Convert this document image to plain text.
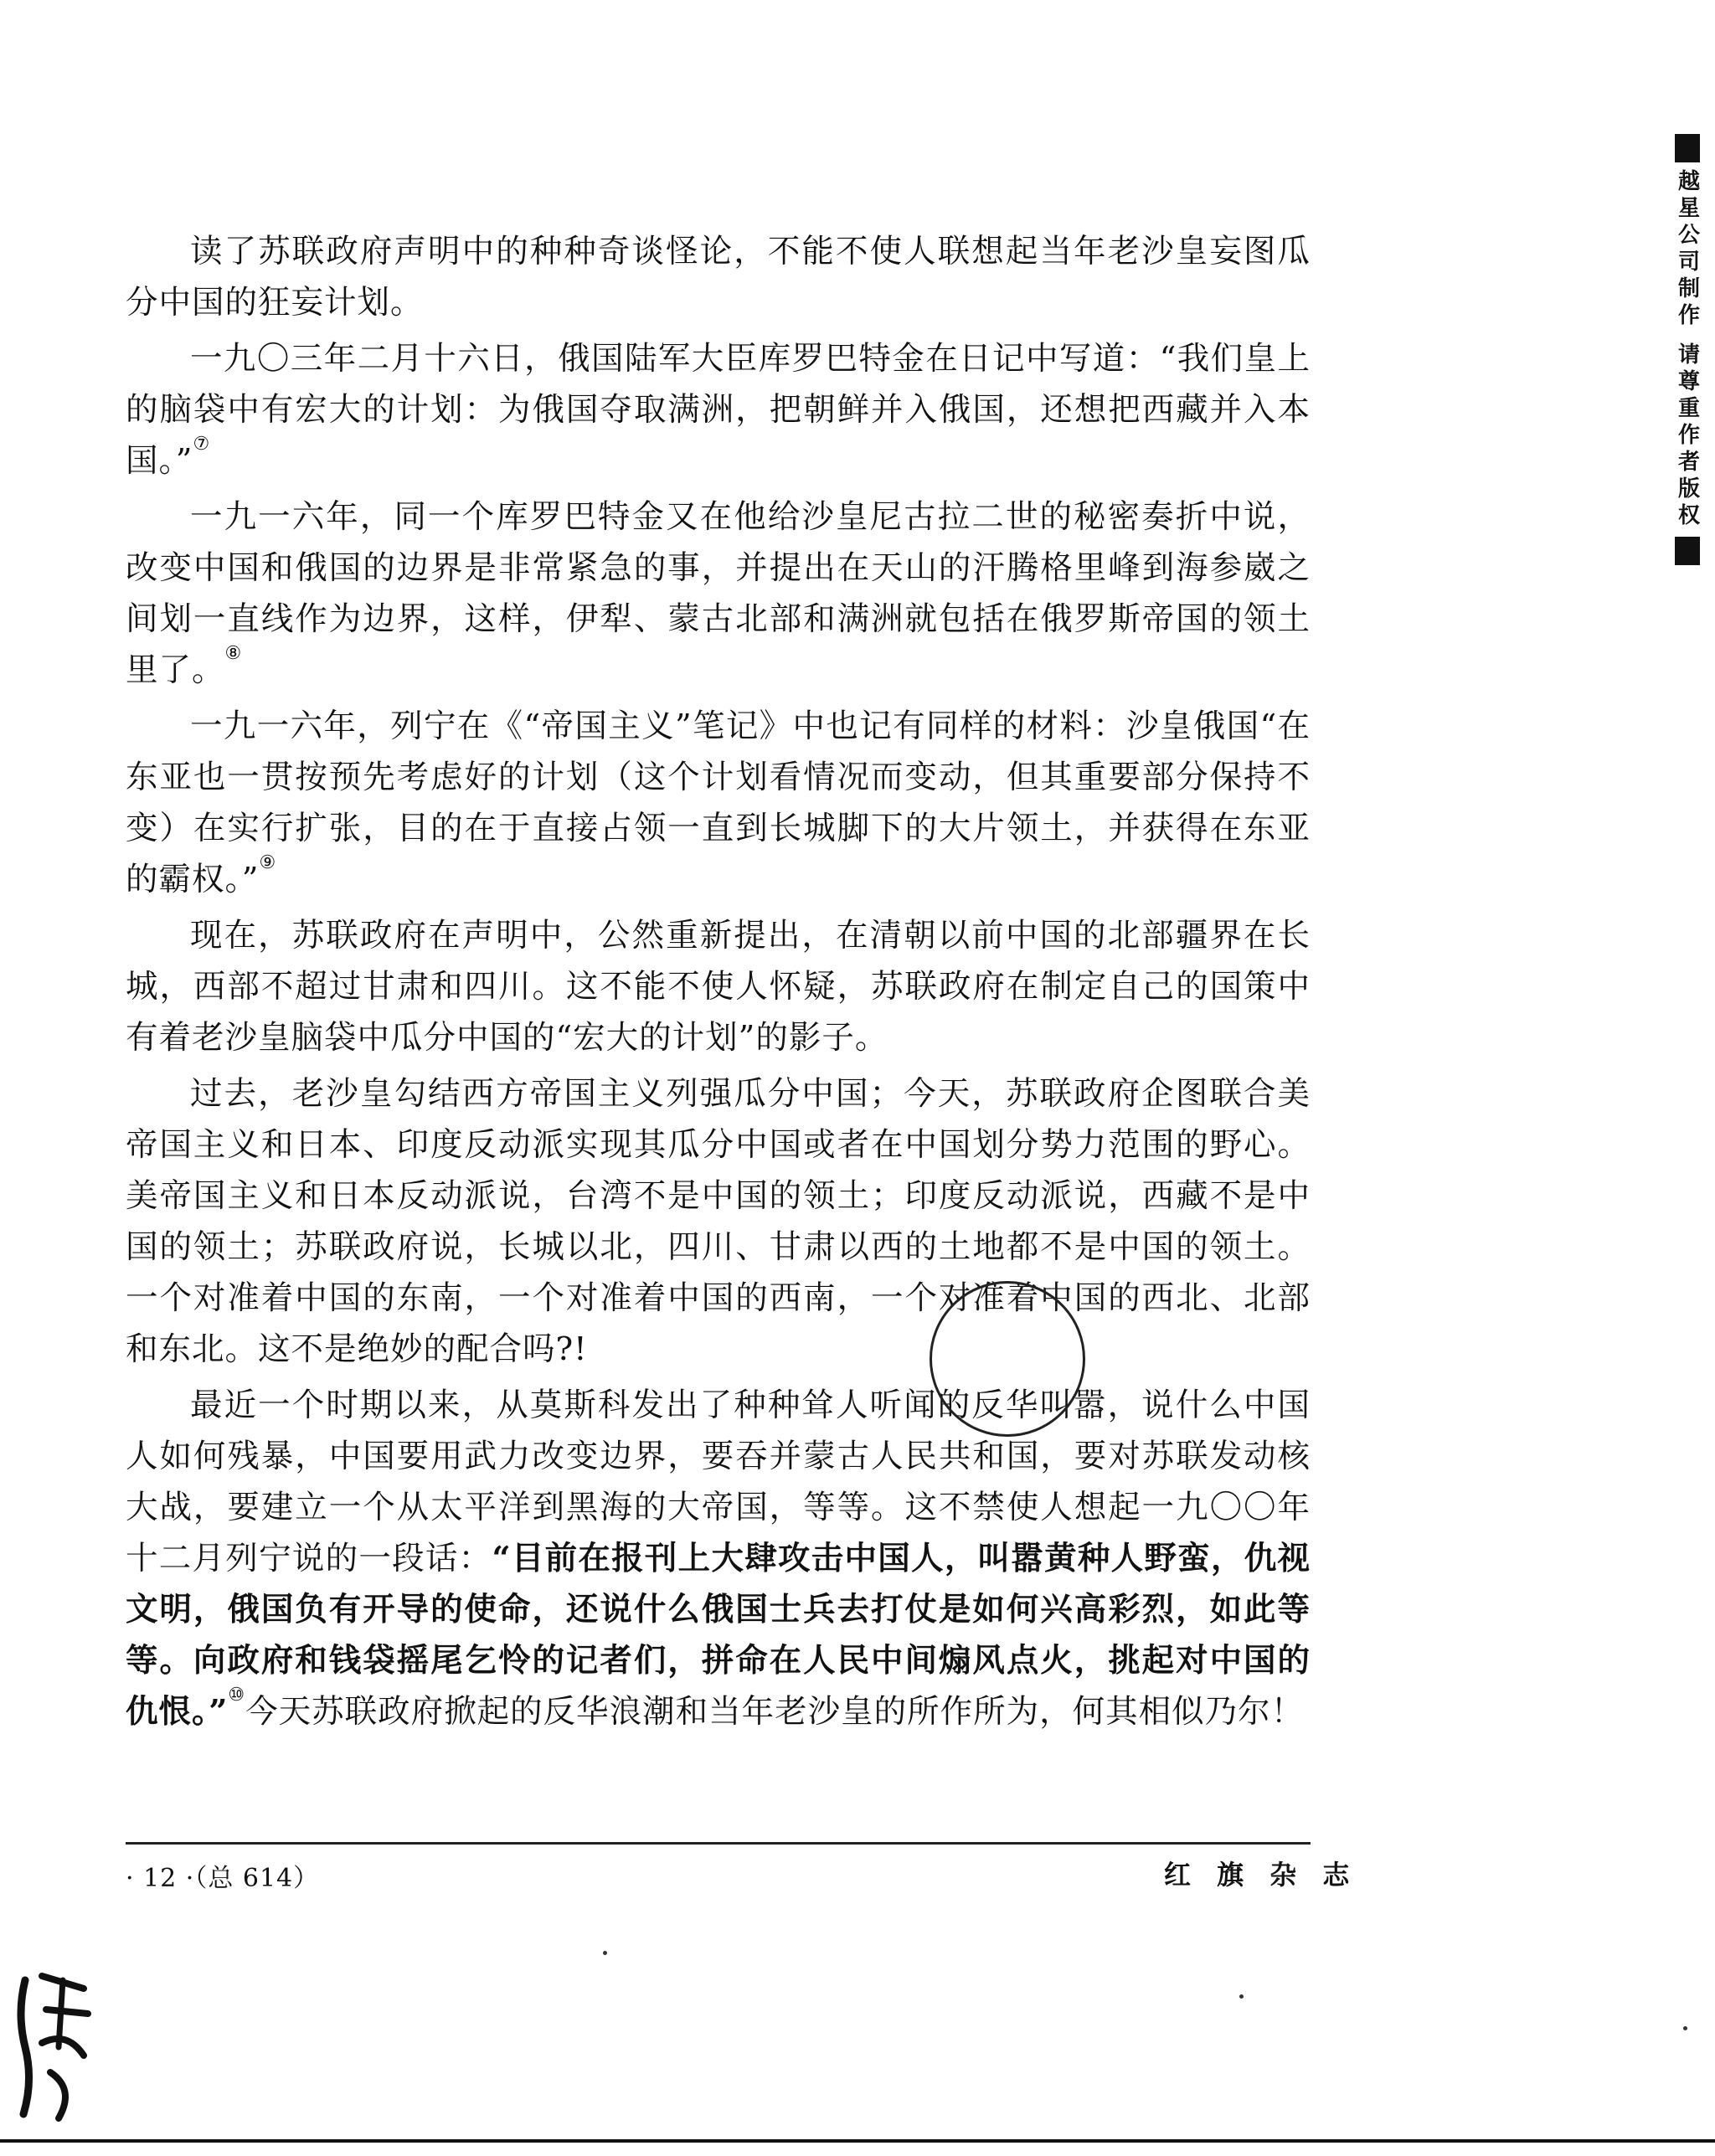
越星公司制作 请尊重作者版权

读了苏联政府声明中的种种奇谈怪论，不能不使人联想起当年老沙皇妄图瓜分中国的狂妄计划。

一九〇三年二月十六日，俄国陆军大臣库罗巴特金在日记中写道：“我们皇上的脑袋中有宏大的计划：为俄国夺取满洲，把朝鲜并入俄国，还想把西藏并入本国。”⑦

一九一六年，同一个库罗巴特金又在他给沙皇尼古拉二世的秘密奏折中说，改变中国和俄国的边界是非常紧急的事，并提出在天山的汗腾格里峰到海参崴之间划一直线作为边界，这样，伊犁、蒙古北部和满洲就包括在俄罗斯帝国的领土里了。⑧

一九一六年，列宁在《“帝国主义”笔记》中也记有同样的材料：沙皇俄国“在东亚也一贯按预先考虑好的计划（这个计划看情况而变动，但其重要部分保持不变）在实行扩张，目的在于直接占领一直到长城脚下的大片领土，并获得在东亚的霸权。”⑨

现在，苏联政府在声明中，公然重新提出，在清朝以前中国的北部疆界在长城，西部不超过甘肃和四川。这不能不使人怀疑，苏联政府在制定自己的国策中有着老沙皇脑袋中瓜分中国的“宏大的计划”的影子。

过去，老沙皇勾结西方帝国主义列强瓜分中国；今天，苏联政府企图联合美帝国主义和日本、印度反动派实现其瓜分中国或者在中国划分势力范围的野心。美帝国主义和日本反动派说，台湾不是中国的领土；印度反动派说，西藏不是中国的领土；苏联政府说，长城以北，四川、甘肃以西的土地都不是中国的领土。一个对准着中国的东南，一个对准着中国的西南，一个对准着中国的西北、北部和东北。这不是绝妙的配合吗?!

最近一个时期以来，从莫斯科发出了种种耸人听闻的反华叫嚣，说什么中国人如何残暴，中国要用武力改变边界，要吞并蒙古人民共和国，要对苏联发动核大战，要建立一个从太平洋到黑海的大帝国，等等。这不禁使人想起一九〇〇年十二月列宁说的一段话：“目前在报刊上大肆攻击中国人，叫嚣黄种人野蛮，仇视文明，俄国负有开导的使命，还说什么俄国士兵去打仗是如何兴高彩烈，如此等等。向政府和钱袋摇尾乞怜的记者们，拼命在人民中间煽风点火，挑起对中国的仇恨。”⑩今天苏联政府掀起的反华浪潮和当年老沙皇的所作所为，何其相似乃尔！

· 12 ·（总 614）	红 旗 杂 志
